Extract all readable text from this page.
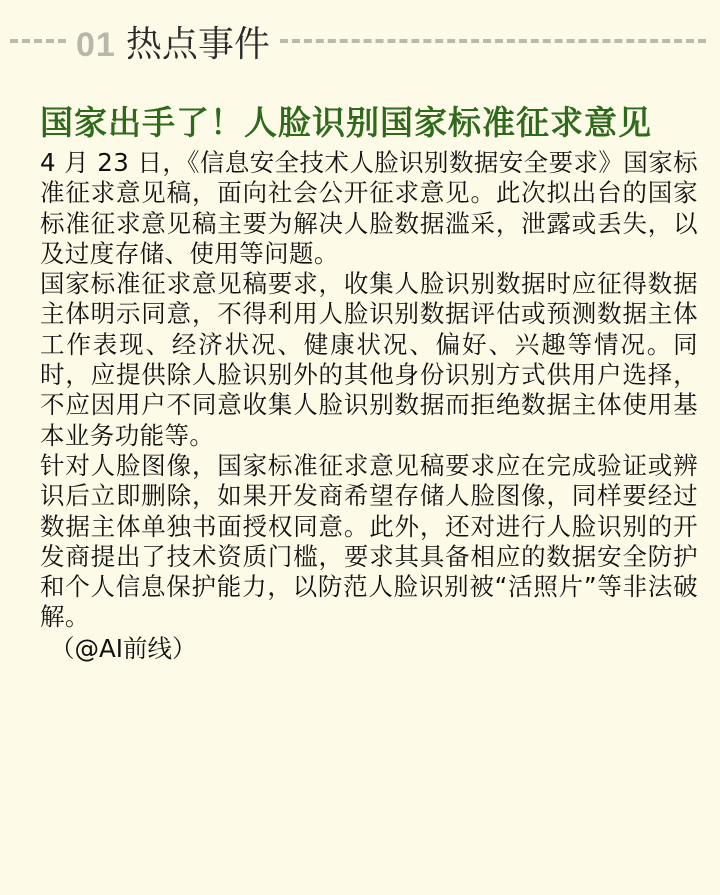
01 热点事件
国家出手了！人脸识别国家标准征求意见

4 月 23 日，《信息安全技术人脸识别数据安全要求》国家标准征求意见稿，面向社会公开征求意见。此次拟出台的国家标准征求意见稿主要为解决人脸数据滥采，泄露或丢失，以及过度存储、使用等问题。

国家标准征求意见稿要求，收集人脸识别数据时应征得数据主体明示同意，不得利用人脸识别数据评估或预测数据主体工作表现、经济状况、健康状况、偏好、兴趣等情况。同时，应提供除人脸识别外的其他身份识别方式供用户选择，不应因用户不同意收集人脸识别数据而拒绝数据主体使用基本业务功能等。

针对人脸图像，国家标准征求意见稿要求应在完成验证或辨识后立即删除，如果开发商希望存储人脸图像，同样要经过数据主体单独书面授权同意。此外，还对进行人脸识别的开发商提出了技术资质门槛，要求其具备相应的数据安全防护和个人信息保护能力，以防范人脸识别被“活照片”等非法破解。

（@AI前线）
